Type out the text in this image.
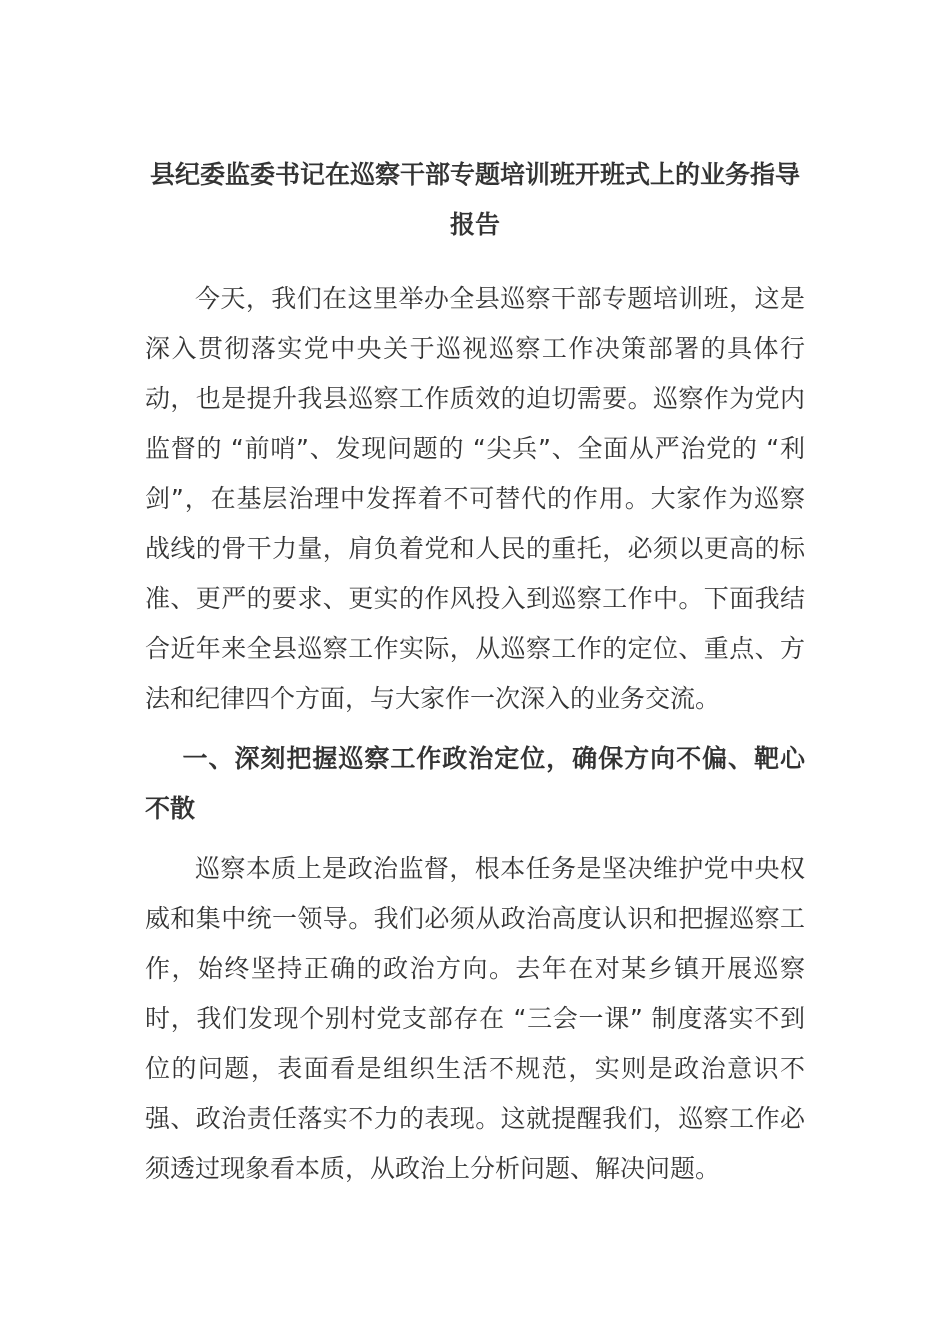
县纪委监委书记在巡察干部专题培训班开班式上的业务指导报告

今天，我们在这里举办全县巡察干部专题培训班，这是深入贯彻落实党中央关于巡视巡察工作决策部署的具体行动，也是提升我县巡察工作质效的迫切需要。巡察作为党内监督的 “前哨”、发现问题的 “尖兵”、全面从严治党的 “利剑”，在基层治理中发挥着不可替代的作用。大家作为巡察战线的骨干力量，肩负着党和人民的重托，必须以更高的标准、更严的要求、更实的作风投入到巡察工作中。下面我结合近年来全县巡察工作实际，从巡察工作的定位、重点、方法和纪律四个方面，与大家作一次深入的业务交流。

一、深刻把握巡察工作政治定位，确保方向不偏、靶心不散

巡察本质上是政治监督，根本任务是坚决维护党中央权威和集中统一领导。我们必须从政治高度认识和把握巡察工作，始终坚持正确的政治方向。去年在对某乡镇开展巡察时，我们发现个别村党支部存在 “三会一课” 制度落实不到位的问题，表面看是组织生活不规范，实则是政治意识不强、政治责任落实不力的表现。这就提醒我们，巡察工作必须透过现象看本质，从政治上分析问题、解决问题。
